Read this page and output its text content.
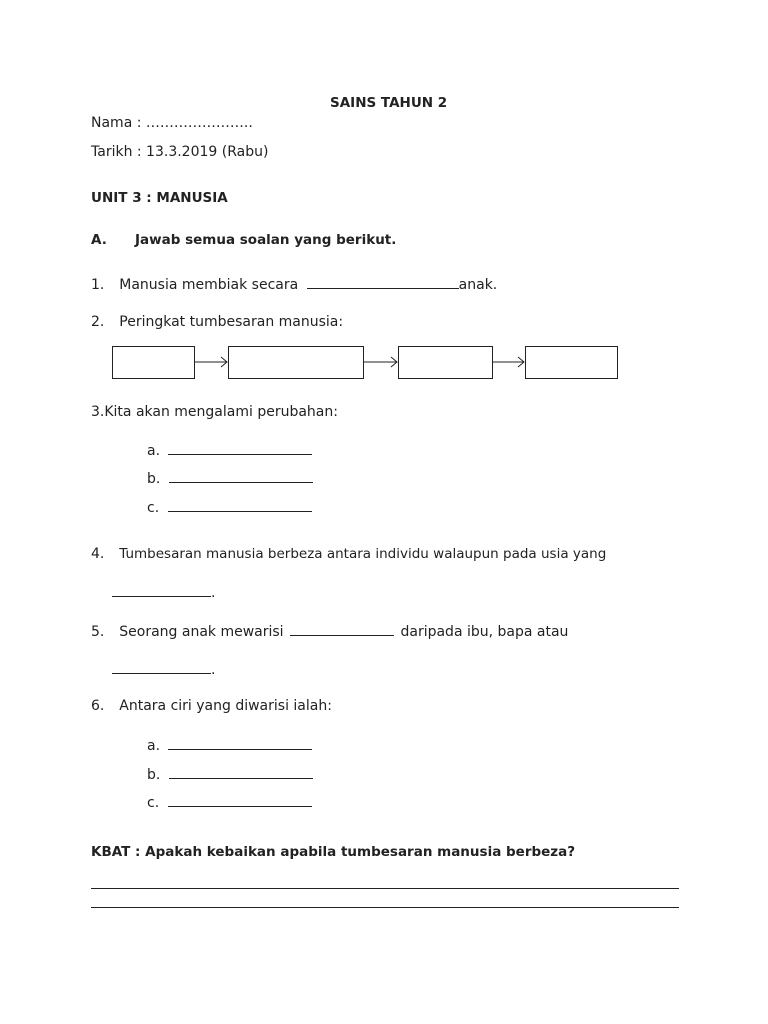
SAINS TAHUN 2
Nama : …………………..
Tarikh : 13.3.2019 (Rabu)
UNIT 3 : MANUSIA
A. Jawab semua soalan yang berikut.
1. Manusia membiak secara	anak.
2. Peringkat tumbesaran manusia:
3.Kita akan mengalami perubahan:
a.
b.
c.
4. Tumbesaran manusia berbeza antara individu walaupun pada usia yang
.
5. Seorang anak mewarisi	daripada ibu, bapa atau
.
6. Antara ciri yang diwarisi ialah:
a.
b.
c.
KBAT : Apakah kebaikan apabila tumbesaran manusia berbeza?
